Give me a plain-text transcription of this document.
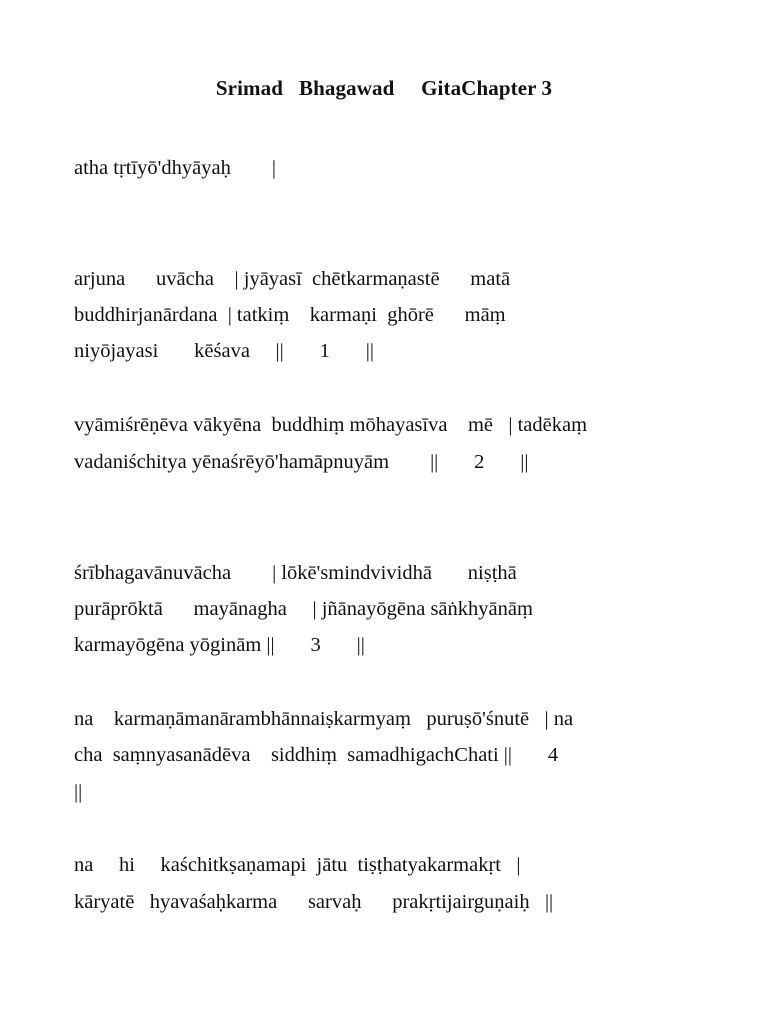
Srimad   Bhagawad     GitaChapter 3
atha tṛtīyō'dhyāyaḥ        |
arjuna      uvācha    | jyāyasī  chētkarmaṇastē      matā
buddhirjanārdana  | tatkiṃ    karmaṇi  ghōrē      māṃ
niyōjayasi       kēśava     ||       1       ||
vyāmiśrēṇēva vākyēna  buddhiṃ mōhayasīva    mē   | tadēkaṃ
vadaniśchitya yēnaśrēyō'hamāpnuyām        ||       2       ||
śrībhagavānuvācha        | lōkē'smindvividhā       niṣṭhā
purāprōktā      mayānagha     | jñānayōgēna sāṅkhyānāṃ
karmayōgēna yōginām ||       3       ||
na    karmaṇāmanārambhānnaiṣkarmyaṃ   puruṣō'śnutē   | na
cha  saṃnyasanādēva    siddhiṃ  samadhigachChati ||       4
||
na     hi     kaśchitkṣaṇamapi  jātu  tiṣṭhatyakarmakṛt   |
kāryatē   hyavaśaḥkarma      sarvaḥ      prakṛtijairguṇaiḥ   ||
